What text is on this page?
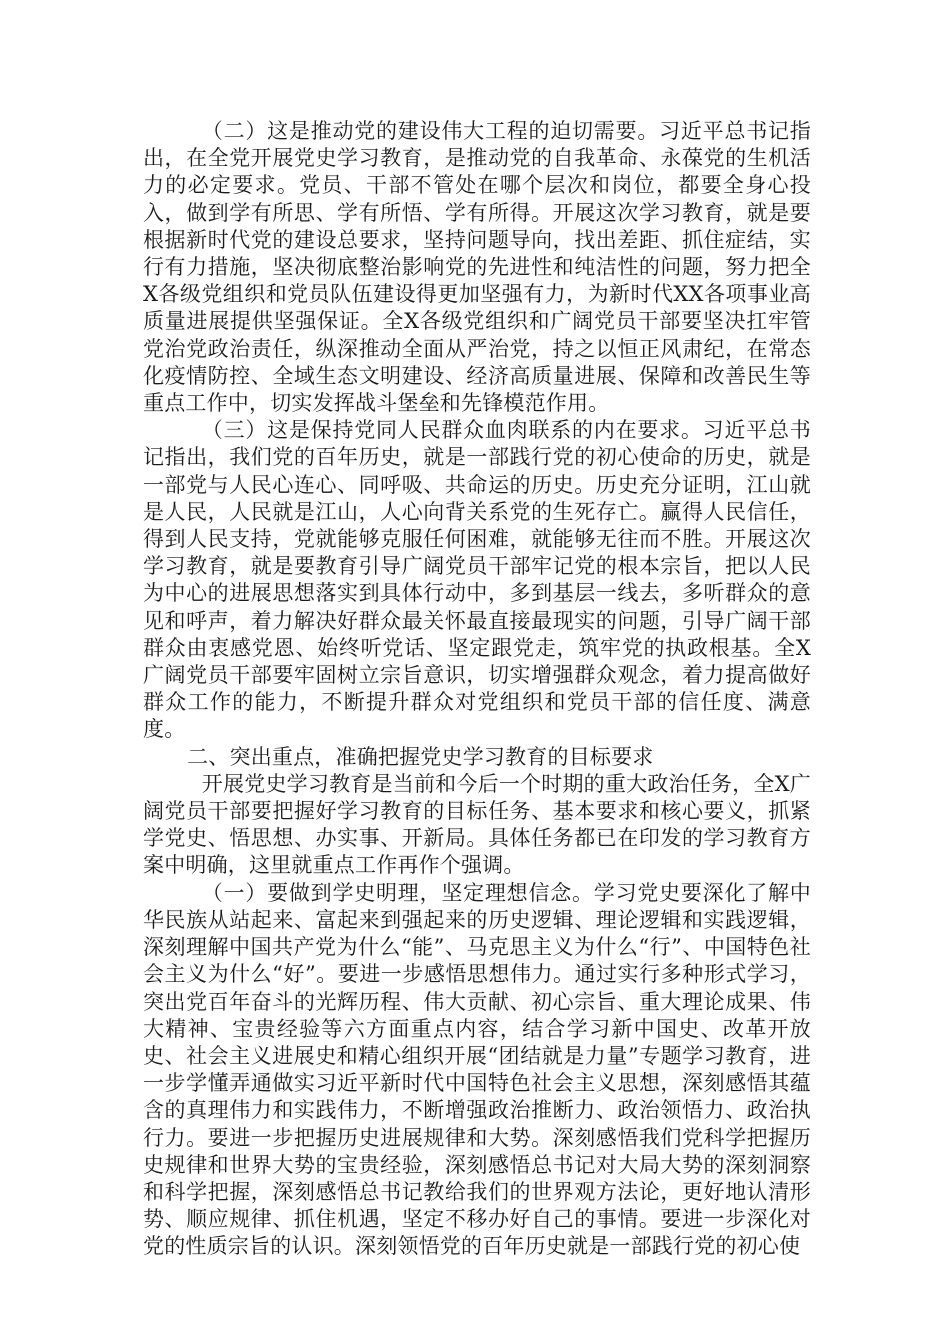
（二）这是推动党的建设伟大工程的迫切需要。习近平总书记指出，在全党开展党史学习教育，是推动党的自我革命、永葆党的生机活力的必定要求。党员、干部不管处在哪个层次和岗位，都要全身心投入，做到学有所思、学有所悟、学有所得。开展这次学习教育，就是要根据新时代党的建设总要求，坚持问题导向，找出差距、抓住症结，实行有力措施，坚决彻底整治影响党的先进性和纯洁性的问题，努力把全X各级党组织和党员队伍建设得更加坚强有力，为新时代XX各项事业高质量进展提供坚强保证。全X各级党组织和广阔党员干部要坚决扛牢管党治党政治责任，纵深推动全面从严治党，持之以恒正风肃纪，在常态化疫情防控、全域生态文明建设、经济高质量进展、保障和改善民生等重点工作中，切实发挥战斗堡垒和先锋模范作用。

（三）这是保持党同人民群众血肉联系的内在要求。习近平总书记指出，我们党的百年历史，就是一部践行党的初心使命的历史，就是一部党与人民心连心、同呼吸、共命运的历史。历史充分证明，江山就是人民，人民就是江山，人心向背关系党的生死存亡。赢得人民信任，得到人民支持，党就能够克服任何困难，就能够无往而不胜。开展这次学习教育，就是要教育引导广阔党员干部牢记党的根本宗旨，把以人民为中心的进展思想落实到具体行动中，多到基层一线去，多听群众的意见和呼声，着力解决好群众最关怀最直接最现实的问题，引导广阔干部群众由衷感党恩、始终听党话、坚定跟党走，筑牢党的执政根基。全X广阔党员干部要牢固树立宗旨意识，切实增强群众观念，着力提高做好群众工作的能力，不断提升群众对党组织和党员干部的信任度、满意度。

二、突出重点，准确把握党史学习教育的目标要求

开展党史学习教育是当前和今后一个时期的重大政治任务，全X广阔党员干部要把握好学习教育的目标任务、基本要求和核心要义，抓紧学党史、悟思想、办实事、开新局。具体任务都已在印发的学习教育方案中明确，这里就重点工作再作个强调。

（一）要做到学史明理，坚定理想信念。学习党史要深化了解中华民族从站起来、富起来到强起来的历史逻辑、理论逻辑和实践逻辑，深刻理解中国共产党为什么“能”、马克思主义为什么“行”、中国特色社会主义为什么“好”。要进一步感悟思想伟力。通过实行多种形式学习，突出党百年奋斗的光辉历程、伟大贡献、初心宗旨、重大理论成果、伟大精神、宝贵经验等六方面重点内容，结合学习新中国史、改革开放史、社会主义进展史和精心组织开展“团结就是力量”专题学习教育，进一步学懂弄通做实习近平新时代中国特色社会主义思想，深刻感悟其蕴含的真理伟力和实践伟力，不断增强政治推断力、政治领悟力、政治执行力。要进一步把握历史进展规律和大势。深刻感悟我们党科学把握历史规律和世界大势的宝贵经验，深刻感悟总书记对大局大势的深刻洞察和科学把握，深刻感悟总书记教给我们的世界观方法论，更好地认清形势、顺应规律、抓住机遇，坚定不移办好自己的事情。要进一步深化对党的性质宗旨的认识。深刻领悟党的百年历史就是一部践行党的初心使
